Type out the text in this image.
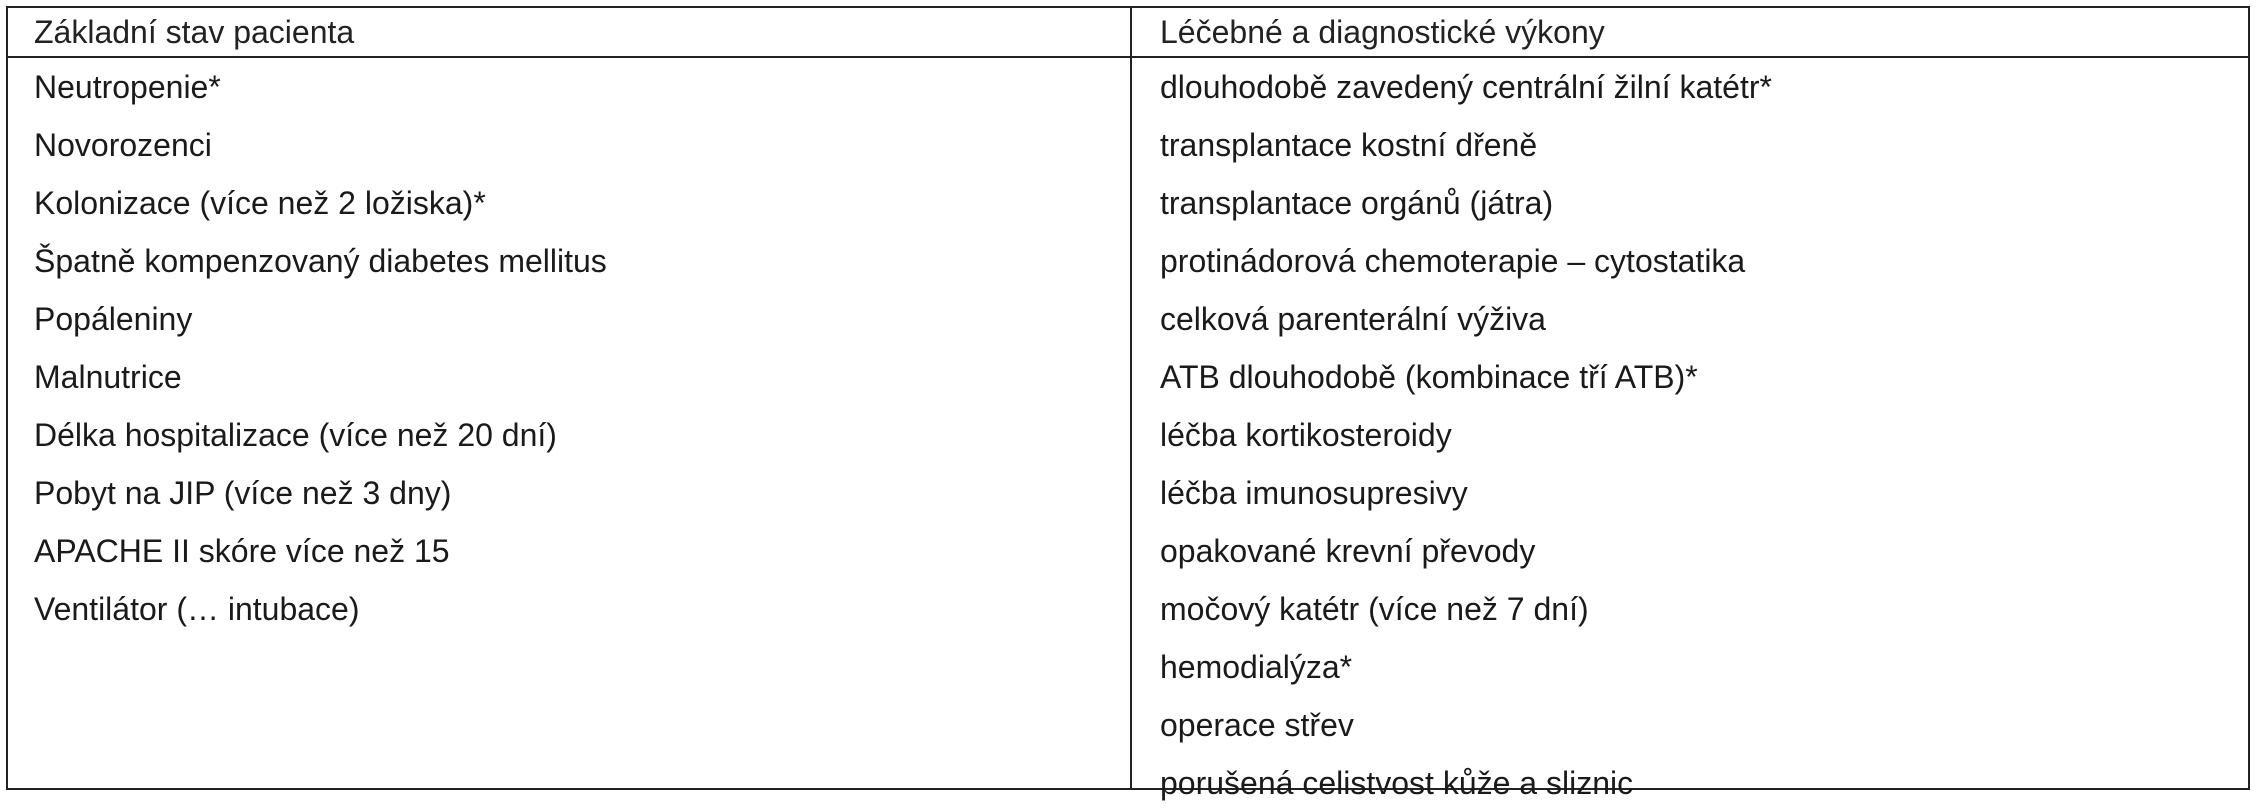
Základní stav pacienta	Léčebné a diagnostické výkony
Neutropenie*
Novorozenci
Kolonizace (více než 2 ložiska)*
Špatně kompenzovaný diabetes mellitus
Popáleniny
Malnutrice
Délka hospitalizace (více než 20 dní)
Pobyt na JIP (více než 3 dny)
APACHE II skóre více než 15
Ventilátor (… intubace)
dlouhodobě zavedený centrální žilní katétr*
transplantace kostní dřeně
transplantace orgánů (játra)
protinádorová chemoterapie – cytostatika
celková parenterální výživa
ATB dlouhodobě (kombinace tří ATB)*
léčba kortikosteroidy
léčba imunosupresivy
opakované krevní převody
močový katétr (více než 7 dní)
hemodialýza*
operace střev
porušená celistvost kůže a sliznic
